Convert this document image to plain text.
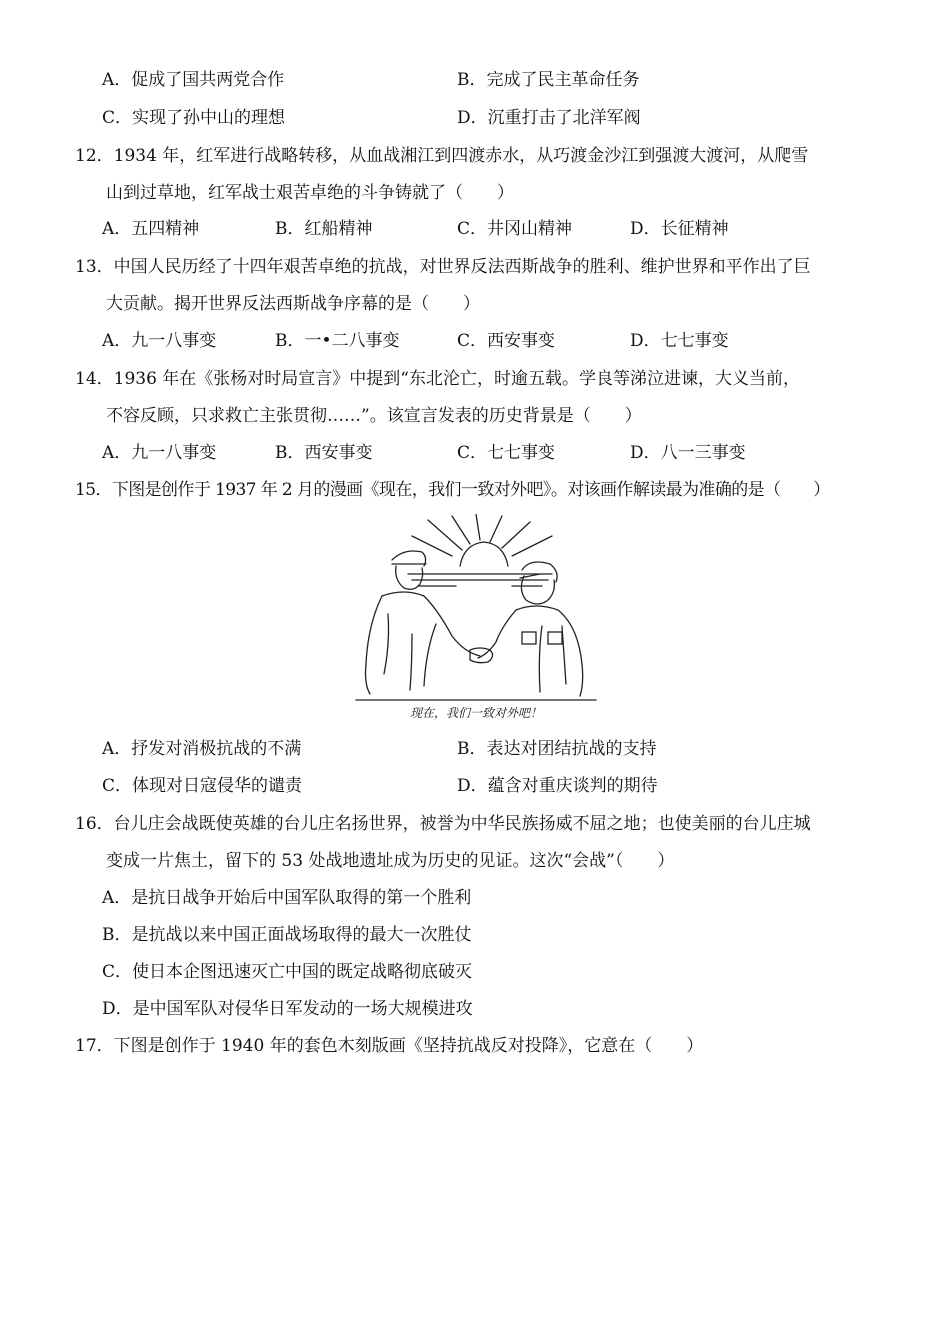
A．促成了国共两党合作	B．完成了民主革命任务
C．实现了孙中山的理想	D．沉重打击了北洋军阀
12．1934 年，红军进行战略转移，从血战湘江到四渡赤水，从巧渡金沙江到强渡大渡河，从爬雪
山到过草地，红军战士艰苦卓绝的斗争铸就了（　　）
A．五四精神	B．红船精神	C．井冈山精神	D．长征精神
13．中国人民历经了十四年艰苦卓绝的抗战，对世界反法西斯战争的胜利、维护世界和平作出了巨
大贡献。揭开世界反法西斯战争序幕的是（　　）
A．九一八事变	B．一•二八事变	C．西安事变	D．七七事变
14．1936 年在《张杨对时局宣言》中提到“东北沦亡，时逾五载。学良等涕泣进谏，大义当前，
不容反顾，只求救亡主张贯彻……”。该宣言发表的历史背景是（　　）
A．九一八事变	B．西安事变	C．七七事变	D．八一三事变
15．下图是创作于 1937 年 2 月的漫画《现在，我们一致对外吧》。对该画作解读最为准确的是（　　）
现在，我们一致对外吧！
A．抒发对消极抗战的不满	B．表达对团结抗战的支持
C．体现对日寇侵华的谴责	D．蕴含对重庆谈判的期待
16．台儿庄会战既使英雄的台儿庄名扬世界，被誉为中华民族扬威不屈之地；也使美丽的台儿庄城
变成一片焦土，留下的 53 处战地遗址成为历史的见证。这次“会战”（　　）
A．是抗日战争开始后中国军队取得的第一个胜利
B．是抗战以来中国正面战场取得的最大一次胜仗
C．使日本企图迅速灭亡中国的既定战略彻底破灭
D．是中国军队对侵华日军发动的一场大规模进攻
17．下图是创作于 1940 年的套色木刻版画《坚持抗战反对投降》，它意在（　　）
